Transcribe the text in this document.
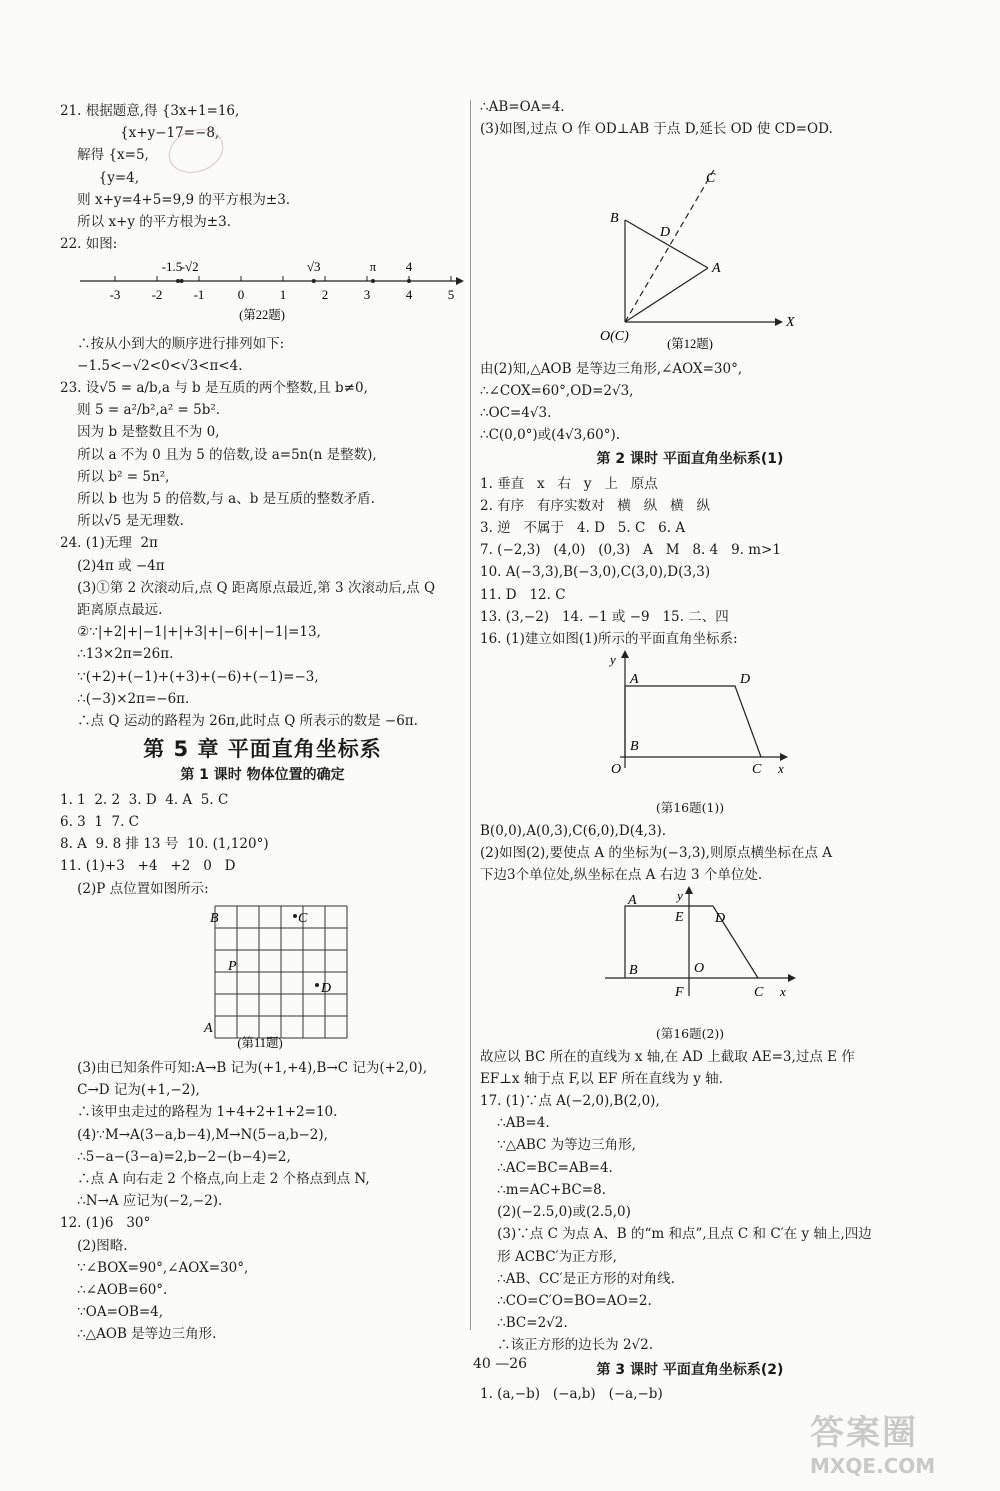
21. 根据题意,得 {3x+1=16,
{x+y−17=−8,
解得 {x=5,
{y=4,
则 x+y=4+5=9,9 的平方根为±3.
所以 x+y 的平方根为±3.
22. 如图:
-3 -2 -1	0	1	2	3	4	5
-1.5
-√2	√3	π 4
(第22题)
∴按从小到大的顺序进行排列如下:
−1.5<−√2<0<√3<π<4.
23. 设√5 = a/b,a 与 b 是互质的两个整数,且 b≠0,
则 5 = a²/b²,a² = 5b².
因为 b 是整数且不为 0,
所以 a 不为 0 且为 5 的倍数,设 a=5n(n 是整数),
所以 b² = 5n²,
所以 b 也为 5 的倍数,与 a、b 是互质的整数矛盾.
所以√5 是无理数.
24. (1)无理  2π
(2)4π 或 −4π
(3)①第 2 次滚动后,点 Q 距离原点最近,第 3 次滚动后,点 Q
距离原点最远.
②∵|+2|+|−1|+|+3|+|−6|+|−1|=13,
∴13×2π=26π.
∵(+2)+(−1)+(+3)+(−6)+(−1)=−3,
∴(−3)×2π=−6π.
∴点 Q 运动的路程为 26π,此时点 Q 所表示的数是 −6π.
第 5 章 平面直角坐标系
第 1 课时 物体位置的确定
1. 1  2. 2  3. D  4. A  5. C
6. 3  1  7. C
8. A  9. 8 排 13 号  10. (1,120°)
11. (1)+3   +4   +2   0   D
(2)P 点位置如图所示:
B	C
D
P
A
(第11题)
(3)由已知条件可知:A→B 记为(+1,+4),B→C 记为(+2,0),
C→D 记为(+1,−2),
∴该甲虫走过的路程为 1+4+2+1+2=10.
(4)∵M→A(3−a,b−4),M→N(5−a,b−2),
∴5−a−(3−a)=2,b−2−(b−4)=2,
∴点 A 向右走 2 个格点,向上走 2 个格点到点 N,
∴N→A 应记为(−2,−2).
12. (1)6   30°
(2)图略.
∵∠BOX=90°,∠AOX=30°,
∴∠AOB=60°.
∵OA=OB=4,
∴△AOB 是等边三角形.
∴AB=OA=4.
(3)如图,过点 O 作 OD⊥AB 于点 D,延长 OD 使 CD=OD.
C
B
D
A
O(C)
X
(第12题)
由(2)知,△AOB 是等边三角形,∠AOX=30°,
∴∠COX=60°,OD=2√3,
∴OC=4√3.
∴C(0,0°)或(4√3,60°).
第 2 课时 平面直角坐标系(1)
1. 垂直   x   右   y   上   原点
2. 有序   有序实数对   横   纵   横   纵
3. 逆   不属于   4. D   5. C   6. A
7. (−2,3)   (4,0)   (0,3)   A   M   8. 4   9. m>1
10. A(−3,3),B(−3,0),C(3,0),D(3,3)
11. D   12. C
13. (3,−2)   14. −1 或 −9   15. 二、四
16. (1)建立如图(1)所示的平面直角坐标系:
y
A	D
B
O	C x
(第16题(1))
B(0,0),A(0,3),C(6,0),D(4,3).
(2)如图(2),要使点 A 的坐标为(−3,3),则原点横坐标在点 A
下边3个单位处,纵坐标在点 A 右边 3 个单位处.
y
A
E D
B
F
O
C x
(第16题(2))
故应以 BC 所在的直线为 x 轴,在 AD 上截取 AE=3,过点 E 作
EF⊥x 轴于点 F,以 EF 所在直线为 y 轴.
17. (1)∵点 A(−2,0),B(2,0),
∴AB=4.
∵△ABC 为等边三角形,
∴AC=BC=AB=4.
∴m=AC+BC=8.
(2)(−2.5,0)或(2.5,0)
(3)∵点 C 为点 A、B 的“m 和点”,且点 C 和 C′在 y 轴上,四边
形 ACBC′为正方形,
∴AB、CC′是正方形的对角线.
∴CO=C′O=BO=AO=2.
∴BC=2√2.
∴该正方形的边长为 2√2.
第 3 课时 平面直角坐标系(2)
1. (a,−b)   (−a,b)   (−a,−b)
40 —26
答案圈
MXQE.COM
